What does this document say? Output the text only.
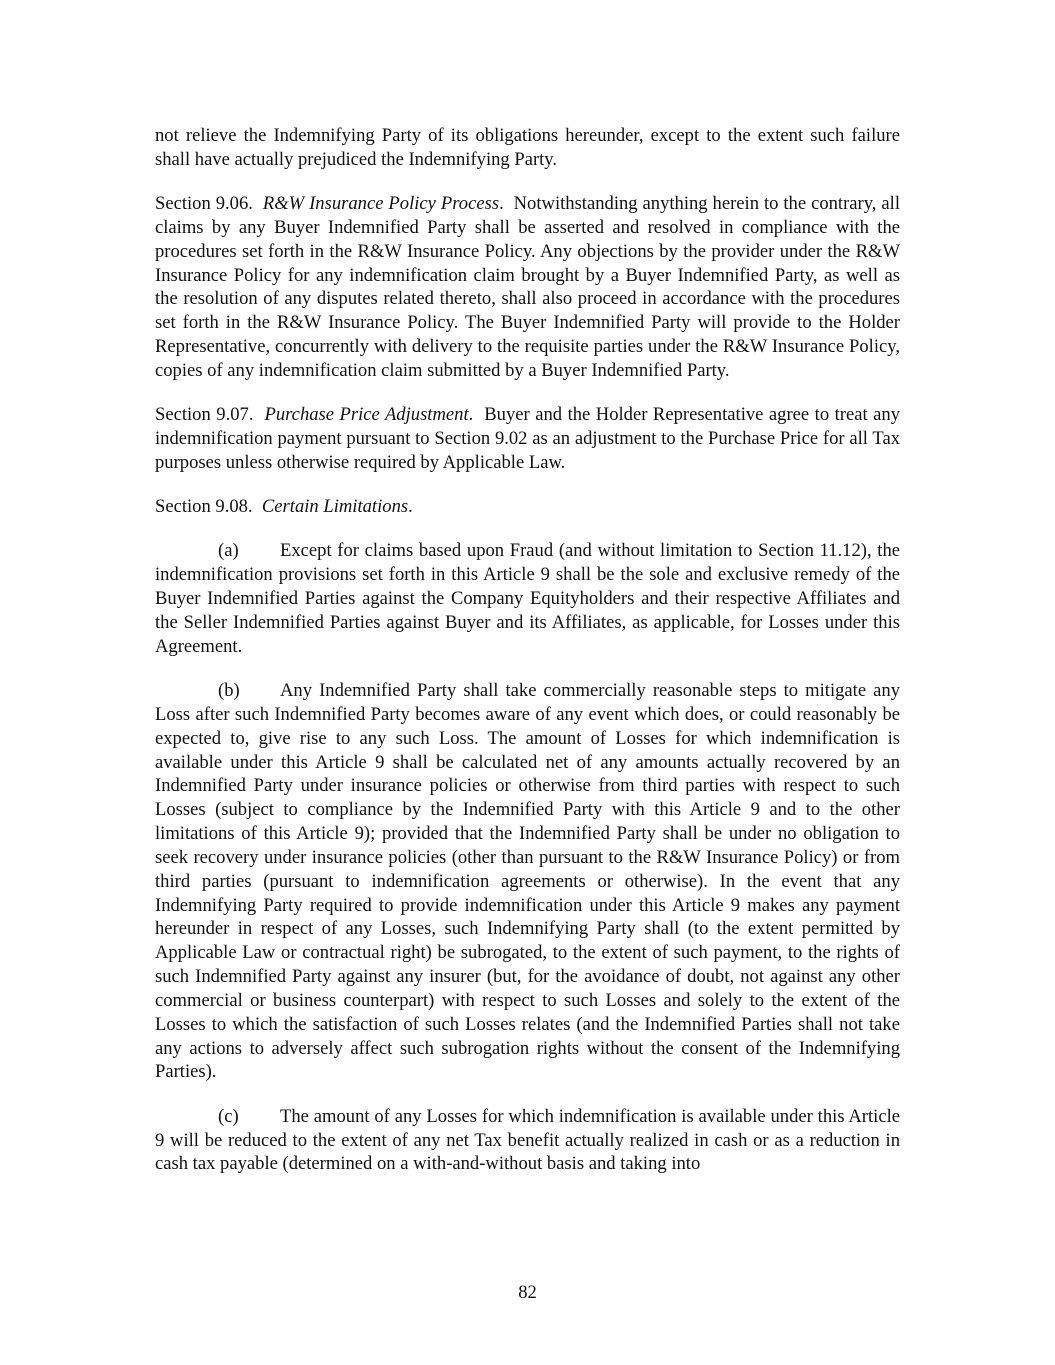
not relieve the Indemnifying Party of its obligations hereunder, except to the extent such failure shall have actually prejudiced the Indemnifying Party.

Section 9.06. R&W Insurance Policy Process.  Notwithstanding anything herein to the contrary, all claims by any Buyer Indemnified Party shall be asserted and resolved in compliance with the procedures set forth in the R&W Insurance Policy. Any objections by the provider under the R&W Insurance Policy for any indemnification claim brought by a Buyer Indemnified Party, as well as the resolution of any disputes related thereto, shall also proceed in accordance with the procedures set forth in the R&W Insurance Policy. The Buyer Indemnified Party will provide to the Holder Representative, concurrently with delivery to the requisite parties under the R&W Insurance Policy, copies of any indemnification claim submitted by a Buyer Indemnified Party.

Section 9.07. Purchase Price Adjustment.  Buyer and the Holder Representative agree to treat any indemnification payment pursuant to Section 9.02 as an adjustment to the Purchase Price for all Tax purposes unless otherwise required by Applicable Law.

Section 9.08. Certain Limitations.

(a) Except for claims based upon Fraud (and without limitation to Section 11.12), the indemnification provisions set forth in this Article 9 shall be the sole and exclusive remedy of the Buyer Indemnified Parties against the Company Equityholders and their respective Affiliates and the Seller Indemnified Parties against Buyer and its Affiliates, as applicable, for Losses under this Agreement.

(b) Any Indemnified Party shall take commercially reasonable steps to mitigate any Loss after such Indemnified Party becomes aware of any event which does, or could reasonably be expected to, give rise to any such Loss. The amount of Losses for which indemnification is available under this Article 9 shall be calculated net of any amounts actually recovered by an Indemnified Party under insurance policies or otherwise from third parties with respect to such Losses (subject to compliance by the Indemnified Party with this Article 9 and to the other limitations of this Article 9); provided that the Indemnified Party shall be under no obligation to seek recovery under insurance policies (other than pursuant to the R&W Insurance Policy) or from third parties (pursuant to indemnification agreements or otherwise). In the event that any Indemnifying Party required to provide indemnification under this Article 9 makes any payment hereunder in respect of any Losses, such Indemnifying Party shall (to the extent permitted by Applicable Law or contractual right) be subrogated, to the extent of such payment, to the rights of such Indemnified Party against any insurer (but, for the avoidance of doubt, not against any other commercial or business counterpart) with respect to such Losses and solely to the extent of the Losses to which the satisfaction of such Losses relates (and the Indemnified Parties shall not take any actions to adversely affect such subrogation rights without the consent of the Indemnifying Parties).

(c) The amount of any Losses for which indemnification is available under this Article 9 will be reduced to the extent of any net Tax benefit actually realized in cash or as a reduction in cash tax payable (determined on a with-and-without basis and taking into

82
